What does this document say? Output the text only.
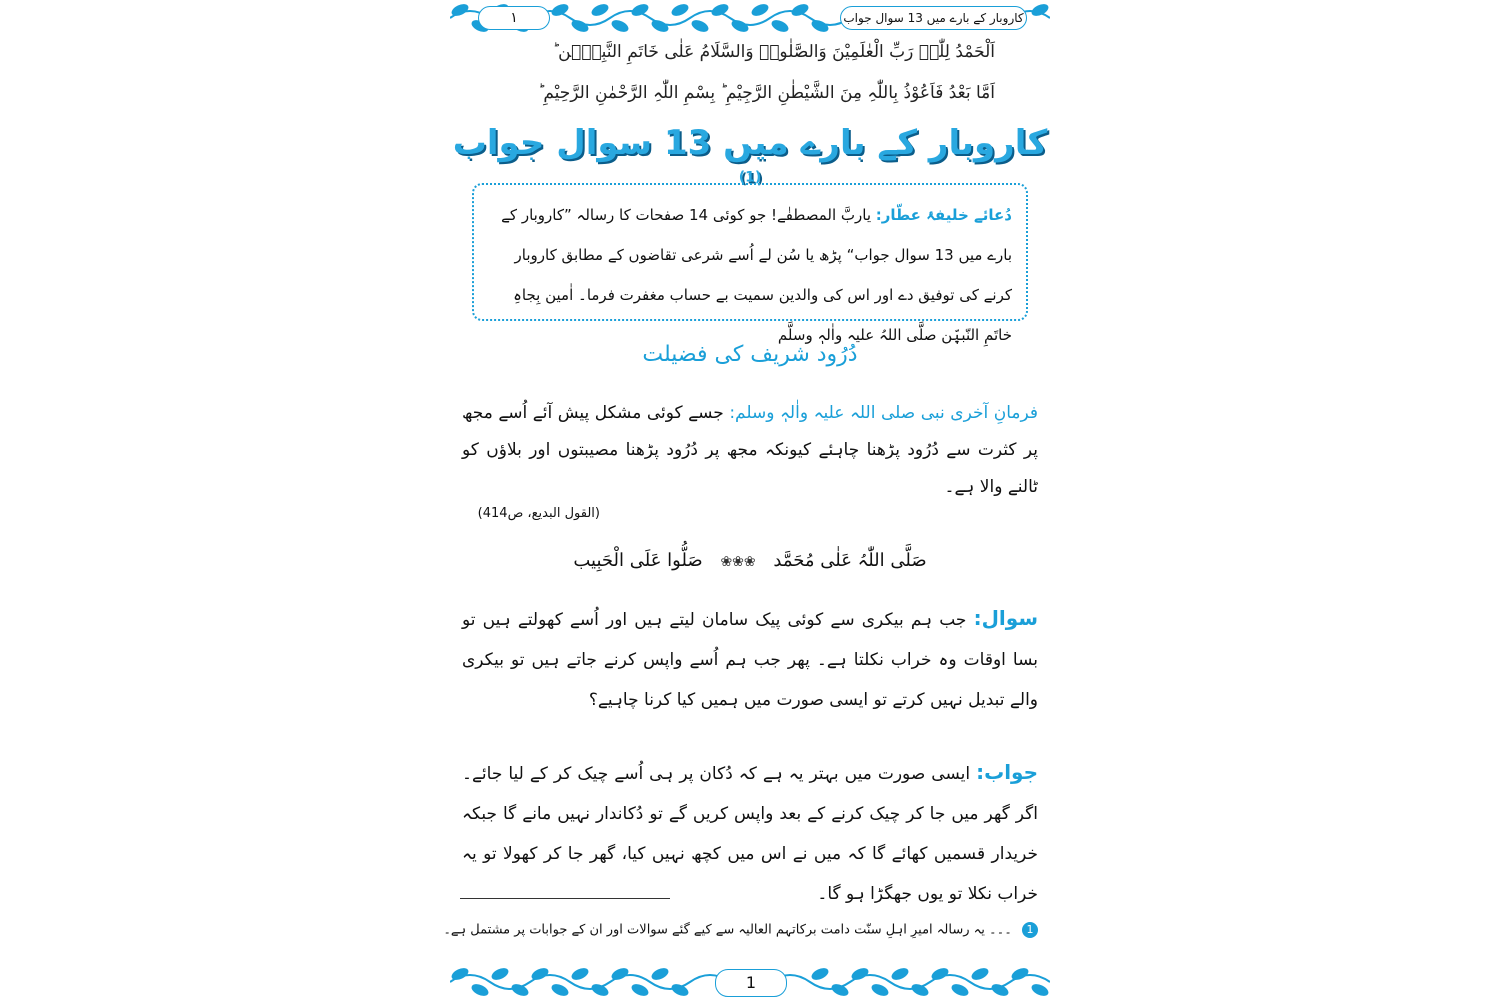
کاروبار کے بارے میں 13 سوال جواب
۱
اَلْحَمْدُ لِلّٰہِ رَبِّ الْعٰلَمِیْنَ وَالصَّلٰوۃُ وَالسَّلَامُ عَلٰی خَاتَمِ النَّبِیّٖن ؕ
اَمَّا بَعْدُ فَاَعُوْذُ بِاللّٰہِ مِنَ الشَّیْطٰنِ الرَّجِیْمِ ؕ بِسْمِ اللّٰہِ الرَّحْمٰنِ الرَّحِیْمِ ؕ
کاروبار کے بارے میں 13 سوال جواب $^{(1)}$
دُعائے خلیفۂ عطّار: یاربَّ المصطفٰے! جو کوئی 14 صفحات کا رسالہ ”کاروبار کے بارے میں 13 سوال جواب“ پڑھ یا سُن لے اُسے شرعی تقاضوں کے مطابق کاروبار کرنے کی توفیق دے اور اس کی والدین سمیت بے حساب مغفرت فرما۔ اٰمین بِجاہِ خاتَمِ النّبیّٖن صلَّی اللہُ علیہ واٰلہٖ وسلَّم
دُرُود شریف کی فضیلت
فرمانِ آخری نبی صلی اللہ علیہ واٰلہٖ وسلم: جسے کوئی مشکل پیش آئے اُسے مجھ پر کثرت سے دُرُود پڑھنا چاہئے کیونکہ مجھ پر دُرُود پڑھنا مصیبتوں اور بلاؤں کو ٹالنے والا ہے۔
(القول البدیع، ص414)
صَلَّی اللّٰہُ عَلٰی مُحَمَّد ❀❀❀ صَلُّوا عَلَی الْحَبِیب
سوال: جب ہم بیکری سے کوئی پیک سامان لیتے ہیں اور اُسے کھولتے ہیں تو بسا اوقات وہ خراب نکلتا ہے۔ پھر جب ہم اُسے واپس کرنے جاتے ہیں تو بیکری والے تبدیل نہیں کرتے تو ایسی صورت میں ہمیں کیا کرنا چاہیے؟
جواب: ایسی صورت میں بہتر یہ ہے کہ دُکان پر ہی اُسے چیک کر کے لیا جائے۔ اگر گھر میں جا کر چیک کرنے کے بعد واپس کریں گے تو دُکاندار نہیں مانے گا جبکہ خریدار قسمیں کھائے گا کہ میں نے اس میں کچھ نہیں کیا، گھر جا کر کھولا تو یہ خراب نکلا تو یوں جھگڑا ہو گا۔
1 ۔۔۔ یہ رسالہ امیرِ اہلِ سنّت دامت برکاتہم العالیہ سے کیے گئے سوالات اور ان کے جوابات پر مشتمل ہے۔
1
